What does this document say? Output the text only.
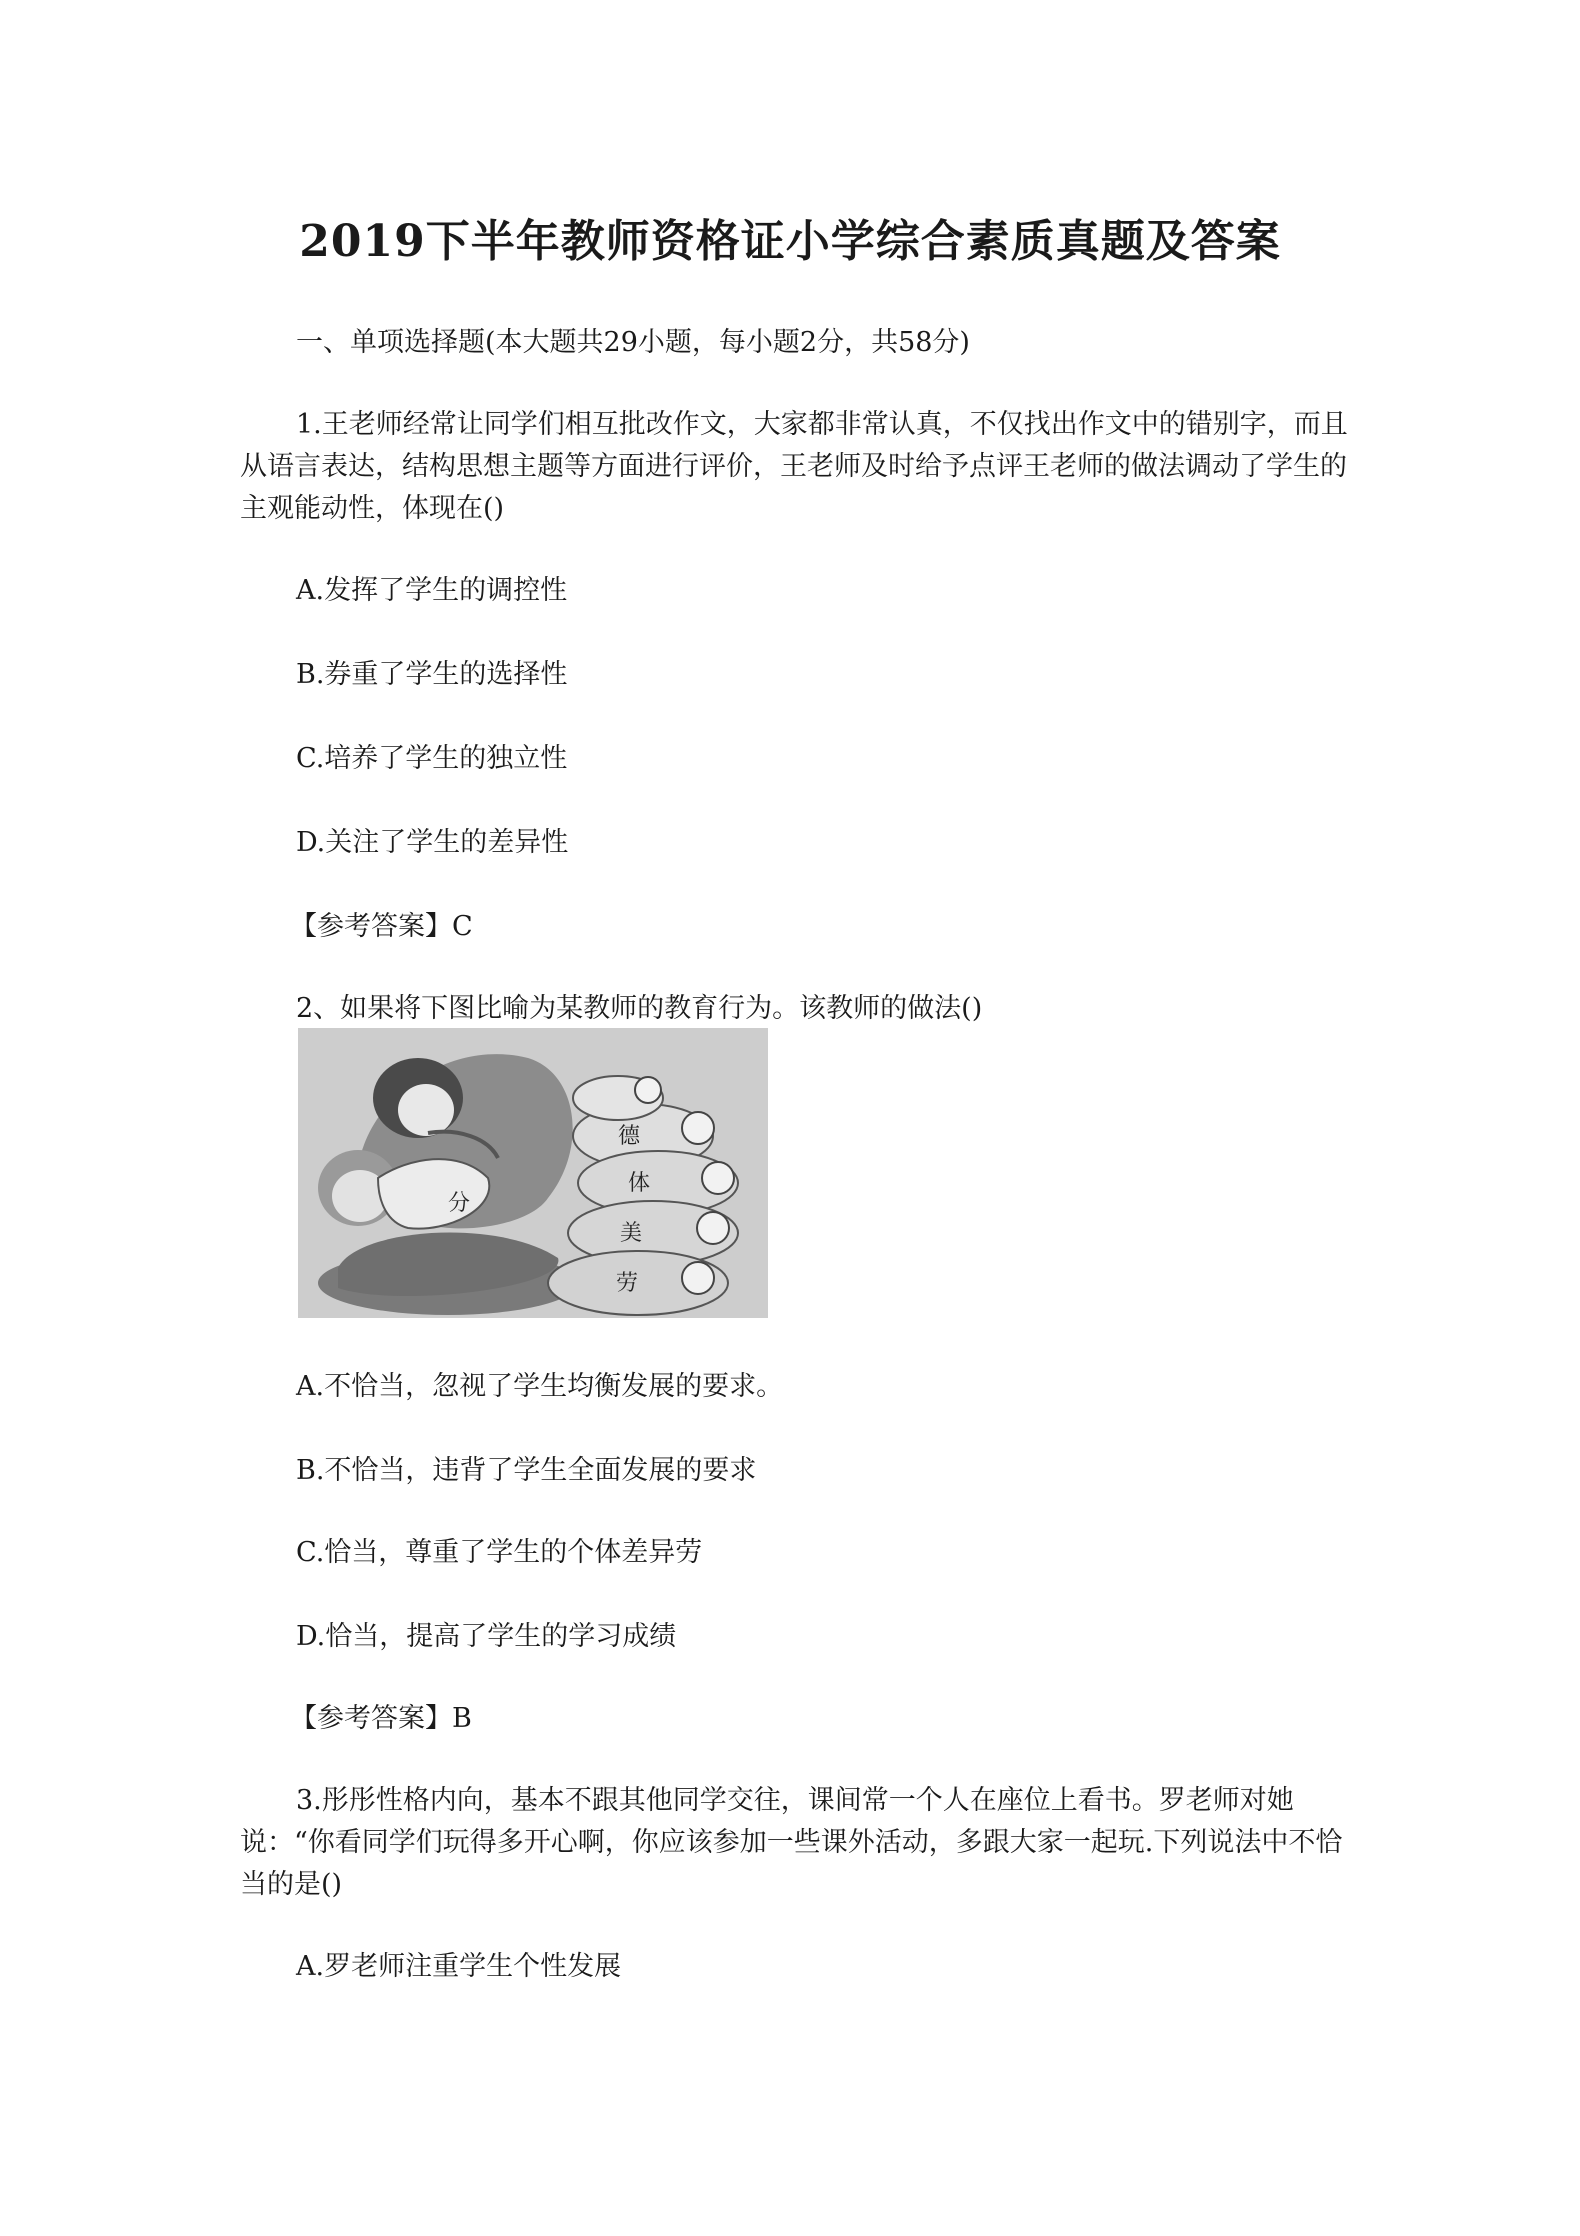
2019下半年教师资格证小学综合素质真题及答案

一、单项选择题(本大题共29小题，每小题2分，共58分)

1.王老师经常让同学们相互批改作文，大家都非常认真，不仅找出作文中的错别字，而且从语言表达，结构思想主题等方面进行评价，王老师及时给予点评王老师的做法调动了学生的主观能动性，体现在()

A.发挥了学生的调控性

B.券重了学生的选择性

C.培养了学生的独立性

D.关注了学生的差异性

【参考答案】C

2、如果将下图比喻为某教师的教育行为。该教师的做法()

分
德
体
美
劳

A.不恰当，忽视了学生均衡发展的要求。

B.不恰当，违背了学生全面发展的要求

C.恰当，尊重了学生的个体差异劳

D.恰当，提高了学生的学习成绩

【参考答案】B

3.彤彤性格内向，基本不跟其他同学交往，课间常一个人在座位上看书。罗老师对她说：“你看同学们玩得多开心啊，你应该参加一些课外活动，多跟大家一起玩.下列说法中不恰当的是()

A.罗老师注重学生个性发展
